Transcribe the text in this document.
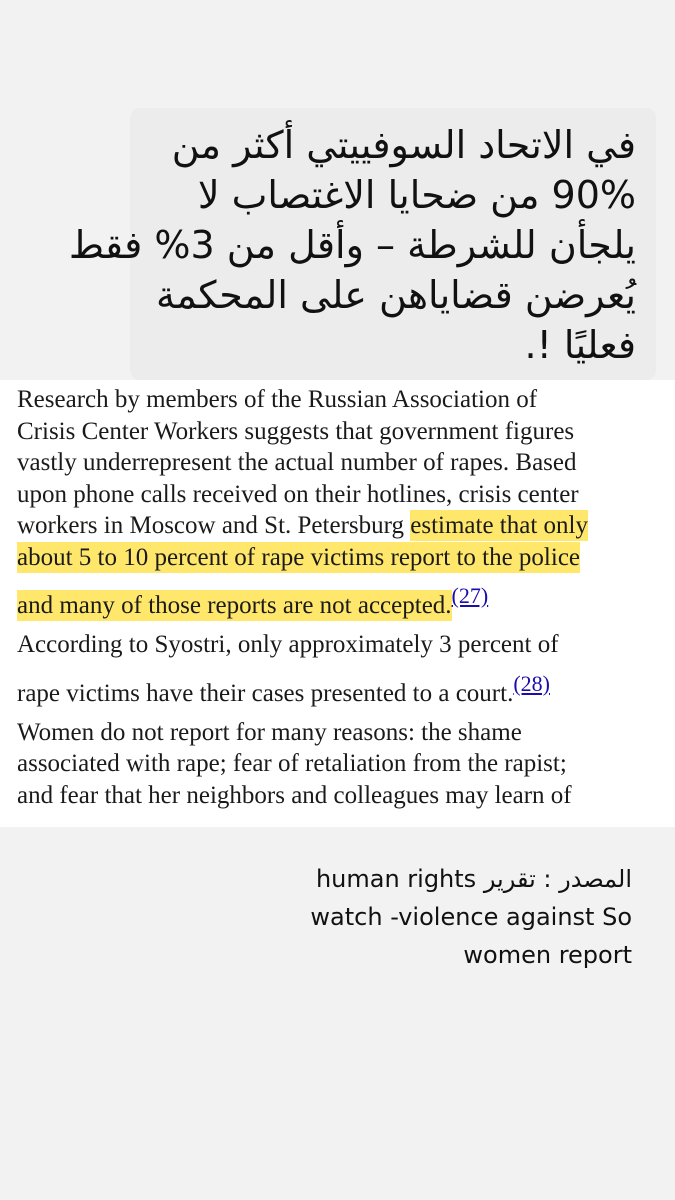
في الاتحاد السوفييتي أكثر من
90% من ضحايا الاغتصاب لا
يلجأن للشرطة – وأقل من 3% فقط
يُعرضن قضاياهن على المحكمة
فعليًا !.
Research by members of the Russian Association of
Crisis Center Workers suggests that government figures
vastly underrepresent the actual number of rapes. Based
upon phone calls received on their hotlines, crisis center
workers in Moscow and St. Petersburg estimate that only
about 5 to 10 percent of rape victims report to the police
and many of those reports are not accepted.(27)
According to Syostri, only approximately 3 percent of
rape victims have their cases presented to a court.(28)
Women do not report for many reasons: the shame
associated with rape; fear of retaliation from the rapist;
and fear that her neighbors and colleagues may learn of
المصدر : تقرير human rights
watch -violence against So
women report
